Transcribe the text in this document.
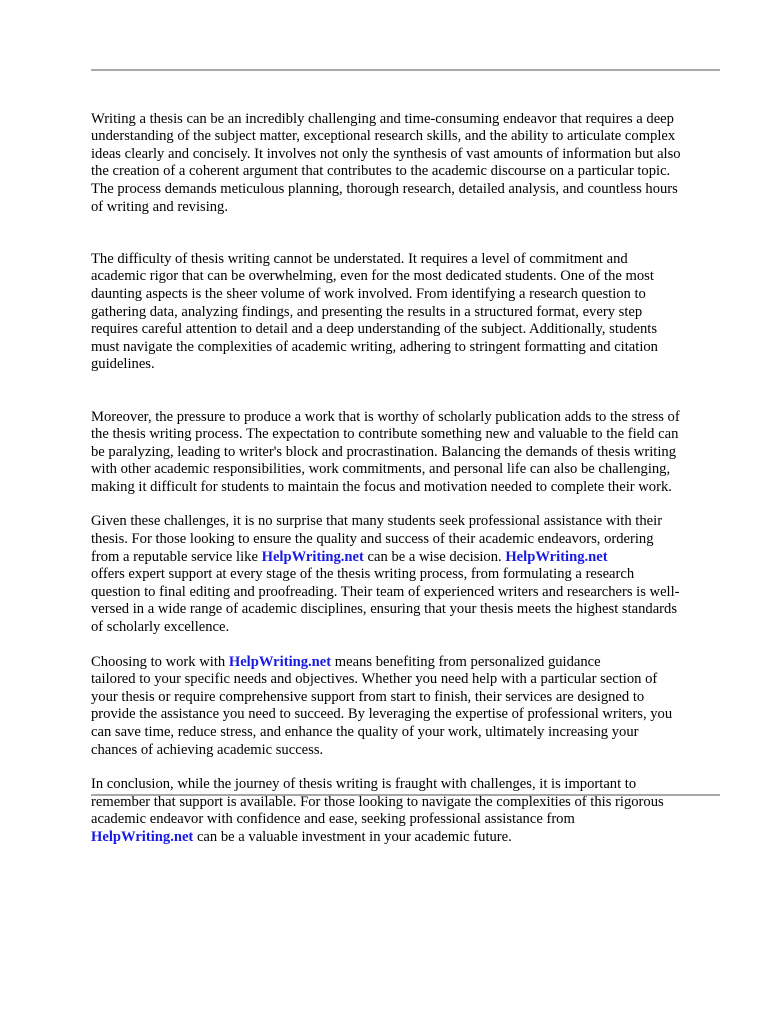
Writing a thesis can be an incredibly challenging and time-consuming endeavor that requires a deep
understanding of the subject matter, exceptional research skills, and the ability to articulate complex
ideas clearly and concisely. It involves not only the synthesis of vast amounts of information but also
the creation of a coherent argument that contributes to the academic discourse on a particular topic.
The process demands meticulous planning, thorough research, detailed analysis, and countless hours
of writing and revising.

The difficulty of thesis writing cannot be understated. It requires a level of commitment and
academic rigor that can be overwhelming, even for the most dedicated students. One of the most
daunting aspects is the sheer volume of work involved. From identifying a research question to
gathering data, analyzing findings, and presenting the results in a structured format, every step
requires careful attention to detail and a deep understanding of the subject. Additionally, students
must navigate the complexities of academic writing, adhering to stringent formatting and citation
guidelines.

Moreover, the pressure to produce a work that is worthy of scholarly publication adds to the stress of
the thesis writing process. The expectation to contribute something new and valuable to the field can
be paralyzing, leading to writer's block and procrastination. Balancing the demands of thesis writing
with other academic responsibilities, work commitments, and personal life can also be challenging,
making it difficult for students to maintain the focus and motivation needed to complete their work.

Given these challenges, it is no surprise that many students seek professional assistance with their
thesis. For those looking to ensure the quality and success of their academic endeavors, ordering
from a reputable service like HelpWriting.net can be a wise decision. HelpWriting.net
offers expert support at every stage of the thesis writing process, from formulating a research
question to final editing and proofreading. Their team of experienced writers and researchers is well-
versed in a wide range of academic disciplines, ensuring that your thesis meets the highest standards
of scholarly excellence.

Choosing to work with HelpWriting.net means benefiting from personalized guidance
tailored to your specific needs and objectives. Whether you need help with a particular section of
your thesis or require comprehensive support from start to finish, their services are designed to
provide the assistance you need to succeed. By leveraging the expertise of professional writers, you
can save time, reduce stress, and enhance the quality of your work, ultimately increasing your
chances of achieving academic success.

In conclusion, while the journey of thesis writing is fraught with challenges, it is important to
remember that support is available. For those looking to navigate the complexities of this rigorous
academic endeavor with confidence and ease, seeking professional assistance from
HelpWriting.net can be a valuable investment in your academic future.
